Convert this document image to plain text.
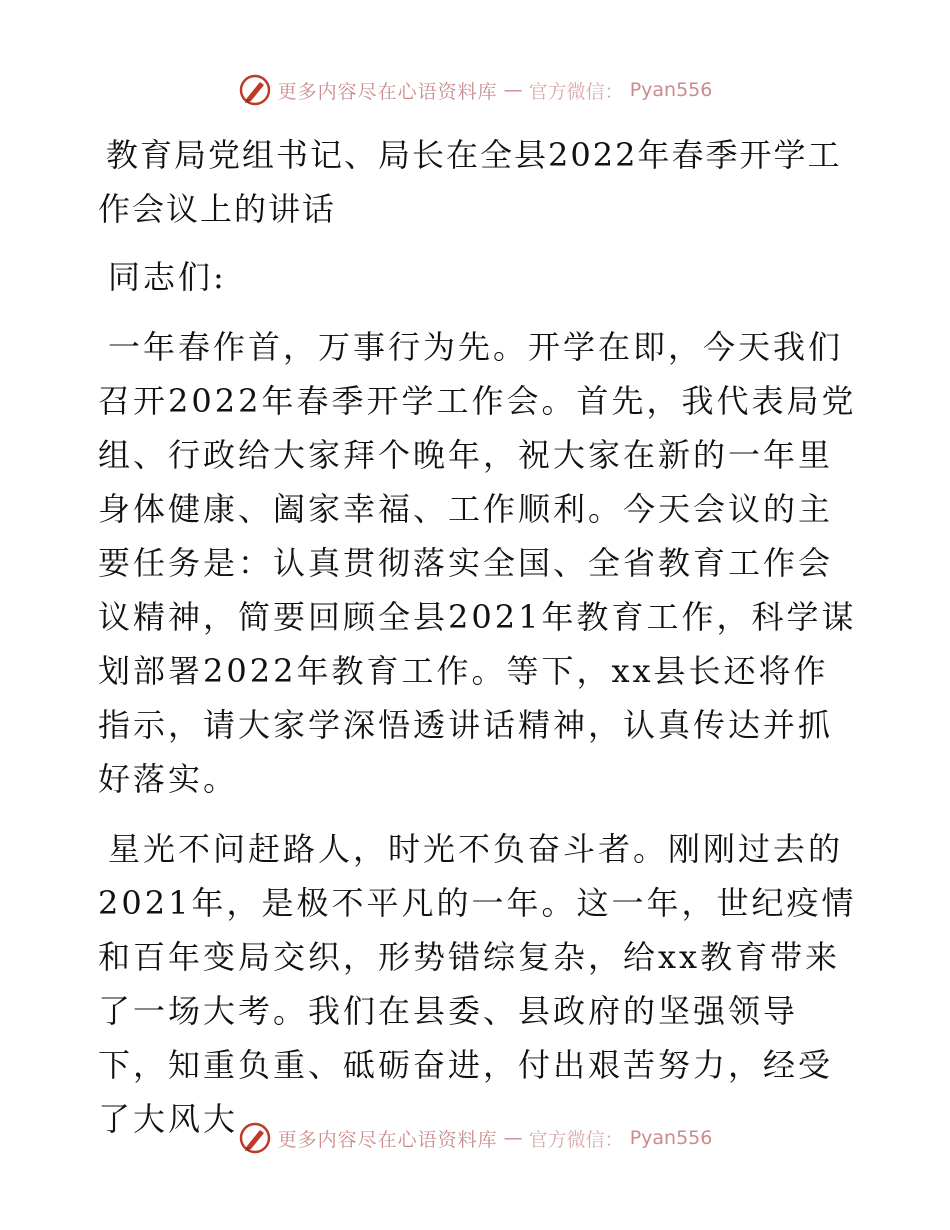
更多内容尽在心语资料库 — 官方微信： Pyan556
教育局党组书记、局长在全县2022年春季开学工作会议上的讲话

同志们:

一年春作首，万事行为先。开学在即，今天我们召开2022年春季开学工作会。首先，我代表局党组、行政给大家拜个晚年，祝大家在新的一年里身体健康、阖家幸福、工作顺利。今天会议的主要任务是：认真贯彻落实全国、全省教育工作会议精神，简要回顾全县2021年教育工作，科学谋划部署2022年教育工作。等下，xx县长还将作指示，请大家学深悟透讲话精神，认真传达并抓好落实。

星光不问赶路人，时光不负奋斗者。刚刚过去的2021年，是极不平凡的一年。这一年，世纪疫情和百年变局交织，形势错综复杂，给xx教育带来了一场大考。我们在县委、县政府的坚强领导下，知重负重、砥砺奋进，付出艰苦努力，经受了大风大

更多内容尽在心语资料库 — 官方微信： Pyan556
